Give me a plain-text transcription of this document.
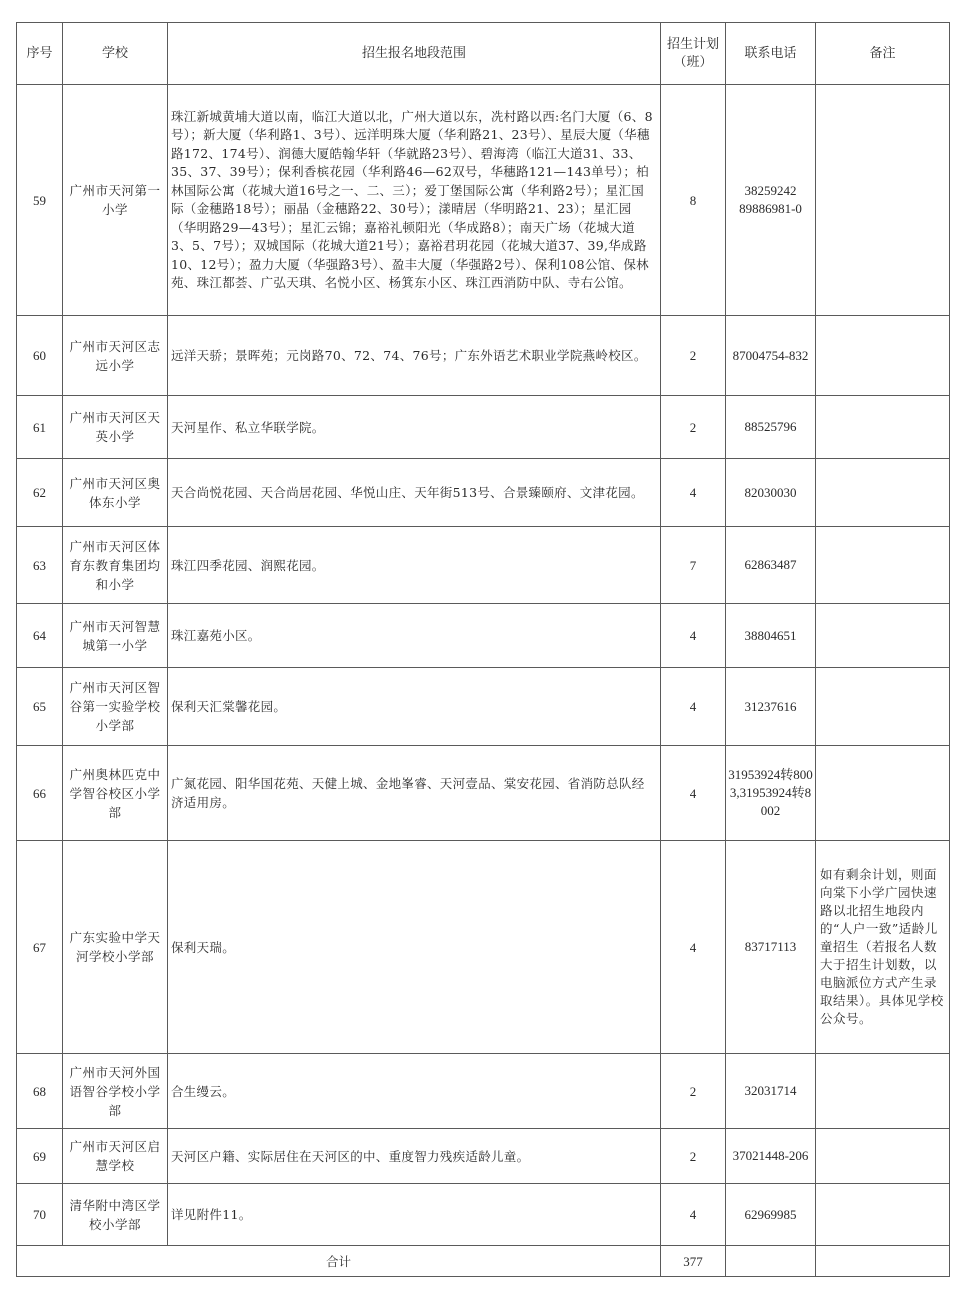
序号	学校	招生报名地段范围	招生计划（班）	联系电话	备注
59	广州市天河第一小学	珠江新城黄埔大道以南，临江大道以北，广州大道以东，冼村路以西:名门大厦（6、8号）；新大厦（华利路1、3号）、远洋明珠大厦（华利路21、23号）、星辰大厦（华穗路172、174号）、润德大厦皓翰华轩（华就路23号）、碧海湾（临江大道31、33、35、37、39号）；保利香槟花园（华利路46—62双号，华穗路121—143单号）；柏林国际公寓（花城大道16号之一、二、三）；爱丁堡国际公寓（华利路2号）；星汇国际（金穗路18号）；丽晶（金穗路22、30号）；漾晴居（华明路21、23）；星汇园（华明路29—43号）；星汇云锦；嘉裕礼顿阳光（华成路8）；南天广场（花城大道3、5、7号）；双城国际（花城大道21号）；嘉裕君玥花园（花城大道37、39,华成路10、12号）；盈力大厦（华强路3号）、盈丰大厦（华强路2号）、保利108公馆、保林苑、珠江都荟、广弘天琪、名悦小区、杨箕东小区、珠江西消防中队、寺右公馆。	8	38259242 89886981-0	
60	广州市天河区志远小学	远洋天骄；景晖苑；元岗路70、72、74、76号；广东外语艺术职业学院燕岭校区。	2	87004754-832	
61	广州市天河区天英小学	天河星作、私立华联学院。	2	88525796	
62	广州市天河区奥体东小学	天合尚悦花园、天合尚居花园、华悦山庄、天年街513号、合景臻颐府、文津花园。	4	82030030	
63	广州市天河区体育东教育集团均和小学	珠江四季花园、润熙花园。	7	62863487	
64	广州市天河智慧城第一小学	珠江嘉苑小区。	4	38804651	
65	广州市天河区智谷第一实验学校小学部	保利天汇棠馨花园。	4	31237616	
66	广州奥林匹克中学智谷校区小学部	广氮花园、阳华国花苑、天健上城、金地峯睿、天河壹品、棠安花园、省消防总队经济适用房。	4	31953924转8003,31953924转8002	
67	广东实验中学天河学校小学部	保利天瑞。	4	83717113	如有剩余计划，则面向棠下小学广园快速路以北招生地段内的“人户一致”适龄儿童招生（若报名人数大于招生计划数，以电脑派位方式产生录取结果）。具体见学校公众号。
68	广州市天河外国语智谷学校小学部	合生缦云。	2	32031714	
69	广州市天河区启慧学校	天河区户籍、实际居住在天河区的中、重度智力残疾适龄儿童。	2	37021448-206	
70	清华附中湾区学校小学部	详见附件11。	4	62969985	
合计			377		
